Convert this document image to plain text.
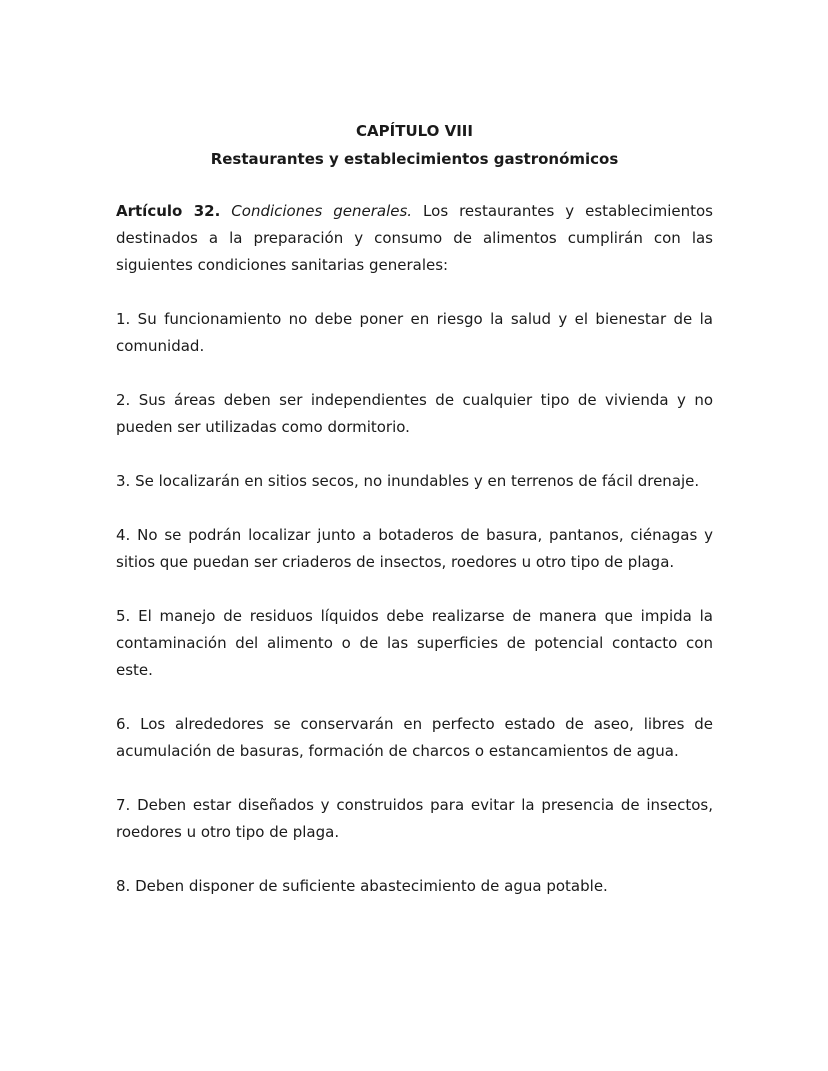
CAPÍTULO VIII
Restaurantes y establecimientos gastronómicos

Artículo 32. Condiciones generales. Los restaurantes y establecimientos destinados a la preparación y consumo de alimentos cumplirán con las siguientes condiciones sanitarias generales:

1. Su funcionamiento no debe poner en riesgo la salud y el bienestar de la comunidad.

2. Sus áreas deben ser independientes de cualquier tipo de vivienda y no pueden ser utilizadas como dormitorio.

3. Se localizarán en sitios secos, no inundables y en terrenos de fácil drenaje.

4. No se podrán localizar junto a botaderos de basura, pantanos, ciénagas y sitios que puedan ser criaderos de insectos, roedores u otro tipo de plaga.

5. El manejo de residuos líquidos debe realizarse de manera que impida la contaminación del alimento o de las superficies de potencial contacto con este.

6. Los alrededores se conservarán en perfecto estado de aseo, libres de acumulación de basuras, formación de charcos o estancamientos de agua.

7. Deben estar diseñados y construidos para evitar la presencia de insectos, roedores u otro tipo de plaga.

8. Deben disponer de suficiente abastecimiento de agua potable.
